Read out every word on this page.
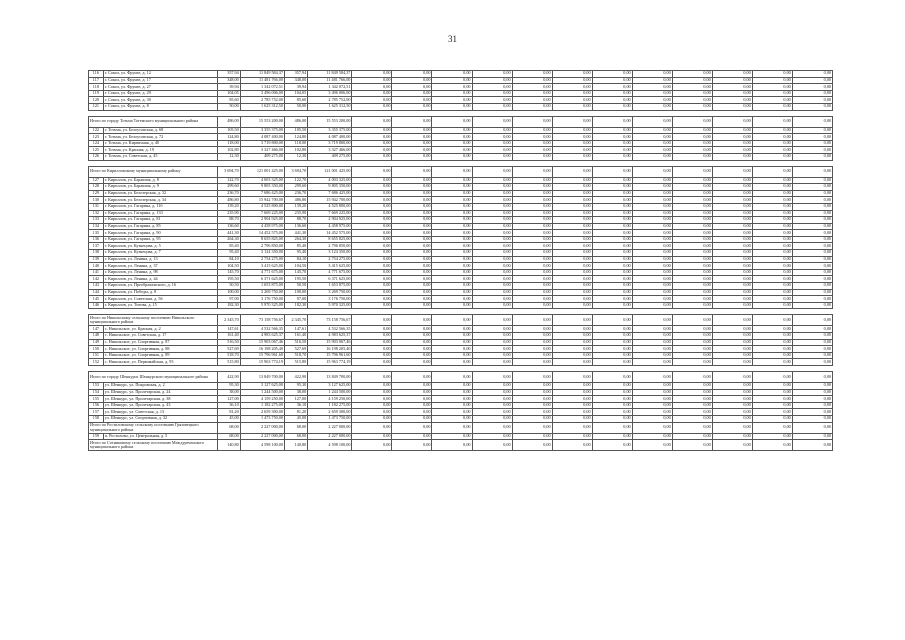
31
116	г. Сокол, ул. Фрунзе, д. 12	357,94	11 849 584,37	357,94	11 849 584,37	0,00	0,00	0,00	0,00	0,00	0,00	0,00	0,00	0,00	0,00	0,00	0,00
117	г. Сокол, ул. Фрунзе, д. 17	348,00	11 481 766,00	348,00	11 481 766,00	0,00	0,00	0,00	0,00	0,00	0,00	0,00	0,00	0,00	0,00	0,00	0,00
118	г. Сокол, ул. Фрунзе, д. 27	39,94	1 342 072,51	39,94	1 342 072,51	0,00	0,00	0,00	0,00	0,00	0,00	0,00	0,00	0,00	0,00	0,00	0,00
119	г. Сокол, ул. Фрунзе, д. 29	104,05	3 496 006,00	104,05	3 496 006,00	0,00	0,00	0,00	0,00	0,00	0,00	0,00	0,00	0,00	0,00	0,00	0,00
120	г. Сокол, ул. Фрунзе, д. 30	85,60	2 785 752,00	85,60	2 785 752,00	0,00	0,00	0,00	0,00	0,00	0,00	0,00	0,00	0,00	0,00	0,00	0,00
121	г. Сокол, ул. Фрунзе, д. 8	50,00	1 625 312,50	50,00	1 625 312,50	0,00	0,00	0,00	0,00	0,00	0,00	0,00	0,00	0,00	0,00	0,00	0,00

Итого по городу Тотьма Тотемского муниципального района		486,00	15 553 200,00	486,00	15 553 200,00	0,00	0,00	0,00	0,00	0,00	0,00	0,00	0,00	0,00	0,00	0,00	0,00
122	г. Тотьма, ул. Белоусовская, д. 68	105,50	3 355 375,00	105,50	3 355 375,00	0,00	0,00	0,00	0,00	0,00	0,00	0,00	0,00	0,00	0,00	0,00	0,00
123	г. Тотьма, ул. Белоусовская, д. 72	124,80	4 087 400,00	124,80	4 087 400,00	0,00	0,00	0,00	0,00	0,00	0,00	0,00	0,00	0,00	0,00	0,00	0,00
124	г. Тотьма, ул. Кирпичная, д. 40	118,00	3 719 800,00	118,00	3 719 800,00	0,00	0,00	0,00	0,00	0,00	0,00	0,00	0,00	0,00	0,00	0,00	0,00
125	г. Тотьма, ул. Красная, д. 19	102,80	3 327 466,00	102,80	3 327 466,00	0,00	0,00	0,00	0,00	0,00	0,00	0,00	0,00	0,00	0,00	0,00	0,00
126	г. Тотьма, ул. Советская, д. 45	12,30	409 275,00	12,30	409 275,00	0,00	0,00	0,00	0,00	0,00	0,00	0,00	0,00	0,00	0,00	0,00	0,00

Итого по Кирилловскому муниципальному району		3 694,70	121 001 425,00	3 694,70	121 001 425,00	0,00	0,00	0,00	0,00	0,00	0,00	0,00	0,00	0,00	0,00	0,00	0,00
127	г. Кириллов, ул. Бараклия, д. 8	122,70	4 003 325,00	122,70	4 003 325,00	0,00	0,00	0,00	0,00	0,00	0,00	0,00	0,00	0,00	0,00	0,00	0,00
128	г. Кириллов, ул. Бараклия, д. 9	299,60	9 805 350,00	299,60	9 805 350,00	0,00	0,00	0,00	0,00	0,00	0,00	0,00	0,00	0,00	0,00	0,00	0,00
129	г. Кириллов, ул. Белозерская, д. 32	236,70	7 686 425,00	236,70	7 686 425,00	0,00	0,00	0,00	0,00	0,00	0,00	0,00	0,00	0,00	0,00	0,00	0,00
130	г. Кириллов, ул. Белозерская, д. 34	486,80	15 942 700,00	486,80	15 942 700,00	0,00	0,00	0,00	0,00	0,00	0,00	0,00	0,00	0,00	0,00	0,00	0,00
131	г. Кириллов, ул. Гагарина, д. 11б	139,20	4 525 800,00	139,20	4 525 800,00	0,00	0,00	0,00	0,00	0,00	0,00	0,00	0,00	0,00	0,00	0,00	0,00
132	г. Кириллов, ул. Гагарина, д. 133	235,90	7 669 225,00	235,90	7 669 225,00	0,00	0,00	0,00	0,00	0,00	0,00	0,00	0,00	0,00	0,00	0,00	0,00
133	г. Кириллов, ул. Гагарина, д. 81	88,70	2 904 925,00	88,70	2 904 925,00	0,00	0,00	0,00	0,00	0,00	0,00	0,00	0,00	0,00	0,00	0,00	0,00
134	г. Кириллов, ул. Гагарина, д. 85	136,60	4 458 975,00	136,60	4 458 975,00	0,00	0,00	0,00	0,00	0,00	0,00	0,00	0,00	0,00	0,00	0,00	0,00
135	г. Кириллов, ул. Гагарина, д. 90	441,30	14 452 575,00	441,30	14 452 575,00	0,00	0,00	0,00	0,00	0,00	0,00	0,00	0,00	0,00	0,00	0,00	0,00
136	г. Кириллов, ул. Гагарина, д. 95	264,30	8 655 825,00	264,30	8 655 825,00	0,00	0,00	0,00	0,00	0,00	0,00	0,00	0,00	0,00	0,00	0,00	0,00
137	г. Кириллов, ул. Кузнецова, д. 5	85,40	2 796 850,00	85,40	2 796 850,00	0,00	0,00	0,00	0,00	0,00	0,00	0,00	0,00	0,00	0,00	0,00	0,00
138	г. Кириллов, ул. Кузнецова, д. 7	95,40	3 124 350,00	95,40	3 124 350,00	0,00	0,00	0,00	0,00	0,00	0,00	0,00	0,00	0,00	0,00	0,00	0,00
139	г. Кириллов, ул. Ленина, д. 13	84,10	2 754 275,00	84,10	2 754 275,00	0,00	0,00	0,00	0,00	0,00	0,00	0,00	0,00	0,00	0,00	0,00	0,00
140	г. Кириллов, ул. Ленина, д. 37	104,50	3 415 625,00	104,50	3 415 625,00	0,00	0,00	0,00	0,00	0,00	0,00	0,00	0,00	0,00	0,00	0,00	0,00
141	г. Кириллов, ул. Ленина, д. 98	145,70	4 771 675,00	145,70	4 771 675,00	0,00	0,00	0,00	0,00	0,00	0,00	0,00	0,00	0,00	0,00	0,00	0,00
142	г. Кириллов, ул. Ленина, д. 44	195,50	6 371 625,00	195,50	6 371 625,00	0,00	0,00	0,00	0,00	0,00	0,00	0,00	0,00	0,00	0,00	0,00	0,00
143	г. Кириллов, ул. Преображенского, д. 16	50,50	1 653 875,00	50,50	1 653 875,00	0,00	0,00	0,00	0,00	0,00	0,00	0,00	0,00	0,00	0,00	0,00	0,00
144	г. Кириллов, ул. Победы, д. 8	100,00	3 269 750,00	100,00	3 269 750,00	0,00	0,00	0,00	0,00	0,00	0,00	0,00	0,00	0,00	0,00	0,00	0,00
145	г. Кириллов, ул. Советская, д. 56	97,00	3 176 750,00	97,00	3 176 750,00	0,00	0,00	0,00	0,00	0,00	0,00	0,00	0,00	0,00	0,00	0,00	0,00
146	г. Кириллов, ул. Титова, д. 15	182,30	5 970 325,00	182,30	5 970 325,00	0,00	0,00	0,00	0,00	0,00	0,00	0,00	0,00	0,00	0,00	0,00	0,00

Итого по Никольскому сельскому поселению Никольского муниципального района		2 345,70	73 158 756,67	2 345,70	73 158 756,67	0,00	0,00	0,00	0,00	0,00	0,00	0,00	0,00	0,00	0,00	0,00	0,00
147	с. Никольское, ул. Красная, д. 2	147,61	4 532 566,35	147,61	4 532 566,35	0,00	0,00	0,00	0,00	0,00	0,00	0,00	0,00	0,00	0,00	0,00	0,00
148	с. Никольское, ул. Советская, д. 17	161,40	4 983 625,37	161,40	4 983 625,37	0,00	0,00	0,00	0,00	0,00	0,00	0,00	0,00	0,00	0,00	0,00	0,00
149	с. Никольское, ул. Спортивная, д. 87	516,50	15 903 067,46	516,50	15 903 067,46	0,00	0,00	0,00	0,00	0,00	0,00	0,00	0,00	0,00	0,00	0,00	0,00
150	с. Никольское, ул. Спортивная, д. 88	527,69	16 198 205,40	527,69	16 198 205,40	0,00	0,00	0,00	0,00	0,00	0,00	0,00	0,00	0,00	0,00	0,00	0,00
151	с. Никольское, ул. Спортивная, д. 89	518,70	15 796 961,60	518,70	15 796 961,60	0,00	0,00	0,00	0,00	0,00	0,00	0,00	0,00	0,00	0,00	0,00	0,00
152	с. Никольское, ул. Первомайская, д. 93	515,80	15 963 774,19	515,80	15 963 774,19	0,00	0,00	0,00	0,00	0,00	0,00	0,00	0,00	0,00	0,00	0,00	0,00

Итого по городу Шенкурск Шенкурского муниципального района		422,90	13 849 700,00	422,90	13 849 700,00	0,00	0,00	0,00	0,00	0,00	0,00	0,00	0,00	0,00	0,00	0,00	0,00
153	ул. Шенкурс, ул. Покровская, д. 2	95,30	3 127 625,00	95,30	3 127 625,00	0,00	0,00	0,00	0,00	0,00	0,00	0,00	0,00	0,00	0,00	0,00	0,00
154	ул. Шенкурс, ул. Пролетарская, д. 24	38,00	1 244 500,00	38,00	1 244 500,00	0,00	0,00	0,00	0,00	0,00	0,00	0,00	0,00	0,00	0,00	0,00	0,00
155	ул. Шенкурс, ул. Пролетарская, д. 38	127,00	4 159 250,00	127,00	4 159 250,00	0,00	0,00	0,00	0,00	0,00	0,00	0,00	0,00	0,00	0,00	0,00	0,00
156	ул. Шенкурс, ул. Пролетарская, д. 43	36,10	1 182 275,00	36,10	1 182 275,00	0,00	0,00	0,00	0,00	0,00	0,00	0,00	0,00	0,00	0,00	0,00	0,00
157	ул. Шенкурс, ул. Советская, д. 13	81,20	2 659 300,00	81,20	2 659 300,00	0,00	0,00	0,00	0,00	0,00	0,00	0,00	0,00	0,00	0,00	0,00	0,00
158	ул. Шенкурс, ул. Спортивная, д. 32	45,00	1 473 750,00	45,00	1 473 750,00	0,00	0,00	0,00	0,00	0,00	0,00	0,00	0,00	0,00	0,00	0,00	0,00
Итого по Ростиловскому сельскому поселению Грязовецкого муниципального района		68,00	2 227 000,00	68,00	2 227 000,00	0,00	0,00	0,00	0,00	0,00	0,00	0,00	0,00	0,00	0,00	0,00	0,00
159	п. Ростилово, ул. Центральная, д. 5	68,00	2 227 000,00	68,00	2 227 000,00	0,00	0,00	0,00	0,00	0,00	0,00	0,00	0,00	0,00	0,00	0,00	0,00
Итого по Сотниковому сельскому поселению Междуреченского муниципального района		140,80	4 598 100,00	140,80	4 598 100,00	0,00	0,00	0,00	0,00	0,00	0,00	0,00	0,00	0,00	0,00	0,00	0,00
